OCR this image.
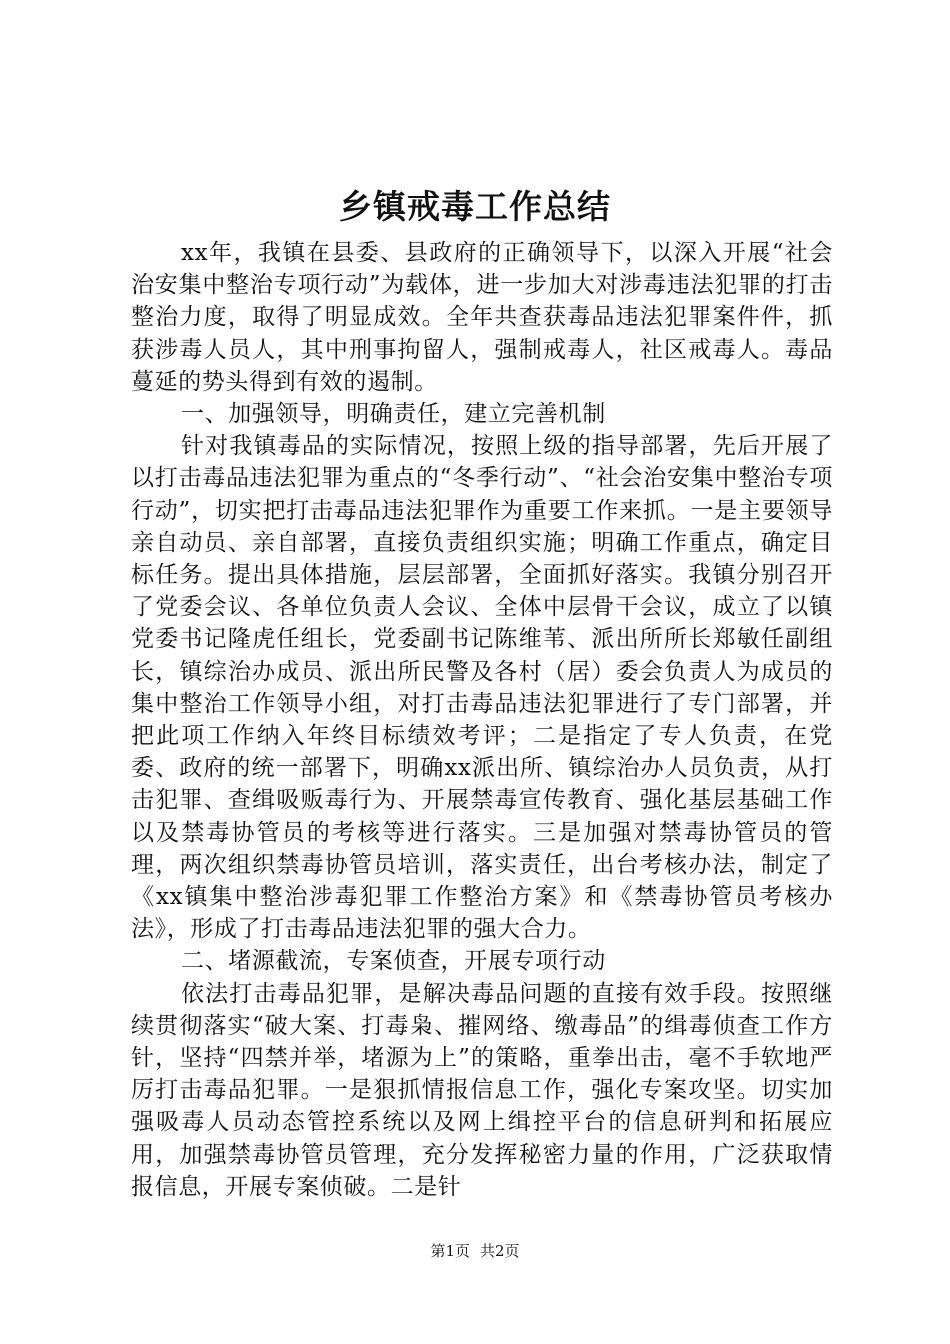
乡镇戒毒工作总结

xx年，我镇在县委、县政府的正确领导下，以深入开展“社会治安集中整治专项行动”为载体，进一步加大对涉毒违法犯罪的打击整治力度，取得了明显成效。全年共查获毒品违法犯罪案件件，抓获涉毒人员人，其中刑事拘留人，强制戒毒人，社区戒毒人。毒品蔓延的势头得到有效的遏制。

一、加强领导，明确责任，建立完善机制

针对我镇毒品的实际情况，按照上级的指导部署，先后开展了以打击毒品违法犯罪为重点的“冬季行动”、“社会治安集中整治专项行动”，切实把打击毒品违法犯罪作为重要工作来抓。一是主要领导亲自动员、亲自部署，直接负责组织实施；明确工作重点，确定目标任务。提出具体措施，层层部署，全面抓好落实。我镇分别召开了党委会议、各单位负责人会议、全体中层骨干会议，成立了以镇党委书记隆虎任组长，党委副书记陈维苇、派出所所长郑敏任副组长，镇综治办成员、派出所民警及各村（居）委会负责人为成员的集中整治工作领导小组，对打击毒品违法犯罪进行了专门部署，并把此项工作纳入年终目标绩效考评；二是指定了专人负责，在党委、政府的统一部署下，明确xx派出所、镇综治办人员负责，从打击犯罪、查缉吸贩毒行为、开展禁毒宣传教育、强化基层基础工作以及禁毒协管员的考核等进行落实。三是加强对禁毒协管员的管理，两次组织禁毒协管员培训，落实责任，出台考核办法，制定了《xx镇集中整治涉毒犯罪工作整治方案》和《禁毒协管员考核办法》，形成了打击毒品违法犯罪的强大合力。

二、堵源截流，专案侦查，开展专项行动

依法打击毒品犯罪，是解决毒品问题的直接有效手段。按照继续贯彻落实“破大案、打毒枭、摧网络、缴毒品”的缉毒侦查工作方针，坚持“四禁并举，堵源为上”的策略，重拳出击，毫不手软地严厉打击毒品犯罪。一是狠抓情报信息工作，强化专案攻坚。切实加强吸毒人员动态管控系统以及网上缉控平台的信息研判和拓展应用，加强禁毒协管员管理，充分发挥秘密力量的作用，广泛获取情报信息，开展专案侦破。二是针

第1页 共2页
